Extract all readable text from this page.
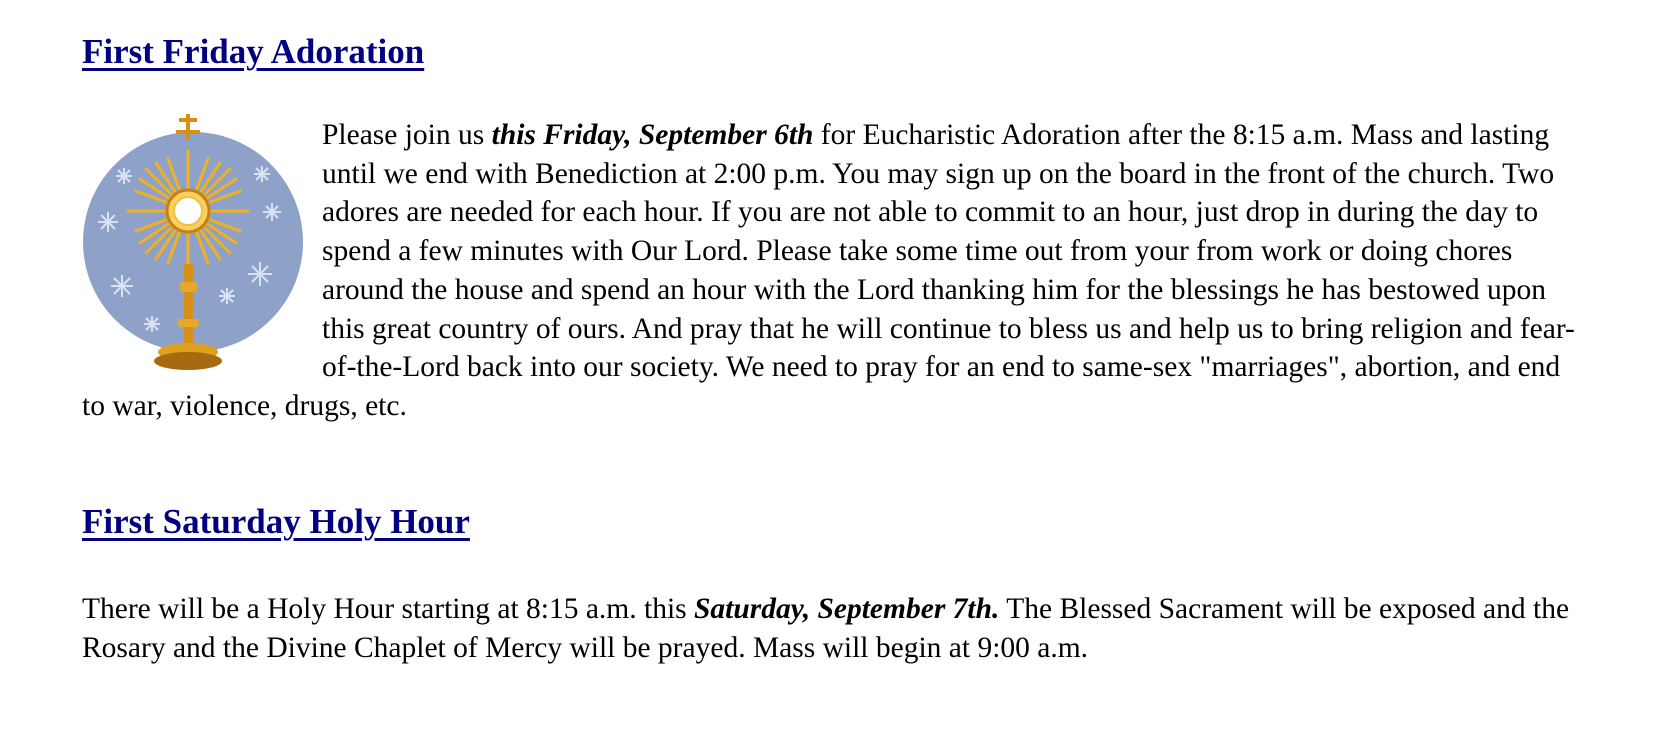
First Friday Adoration

Please join us this Friday, September 6th for Eucharistic Adoration after the 8:15 a.m. Mass and lasting until we end with Benediction at 2:00 p.m. You may sign up on the board in the front of the church. Two adores are needed for each hour. If you are not able to commit to an hour, just drop in during the day to spend a few minutes with Our Lord. Please take some time out from your from work or doing chores around the house and spend an hour with the Lord thanking him for the blessings he has bestowed upon this great country of ours. And pray that he will continue to bless us and help us to bring religion and fear-of-the-Lord back into our society. We need to pray for an end to same-sex "marriages", abortion, and end to war, violence, drugs, etc.

First Saturday Holy Hour

There will be a Holy Hour starting at 8:15 a.m. this Saturday, September 7th. The Blessed Sacrament will be exposed and the Rosary and the Divine Chaplet of Mercy will be prayed. Mass will begin at 9:00 a.m.
